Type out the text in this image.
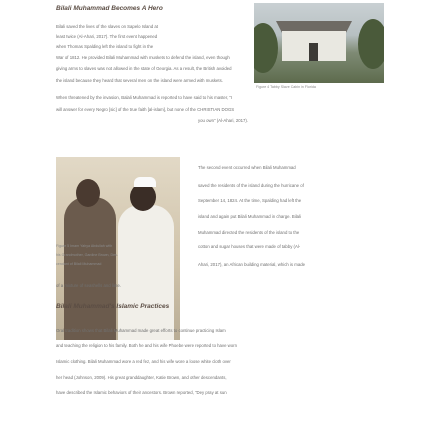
Bilali Muhammad Becomes A Hero
Bilali saved the lives of the slaves on Sapelo Island at
least twice (Al-Ahari, 2017). The first event happened
when Thomas Spalding left the island to fight in the
Figure 4 Tabby Slave Cabin in Florida
War of 1812. He provided Bilali Muhammad with muskets to defend the island, even though
giving arms to slaves was not allowed in the state of Georgia. As a result, the British avoided
the island because they heard that several men on the island were armed with muskets.
When threatened by the invasion, Balali Muhammad is reported to have said to his master, "I
will answer for every Negro [sic] of the true faith [al-islam], but none of the CHRISTIAN DOGS
you own" (Al-Ahari, 2017).
The second event occurred when Bilali Muhammad
saved the residents of the island during the hurricane of
September 14, 1824. At the time, Spalding had left the
island and again put Bilali Muhammad in charge. Bilali
Muhammad directed the residents of the island to the
cotton and sugar houses that were made of tabby (Al-
Ahari, 2017), an African building material, which is made
Figure 5 Imam Yahya Abdullah with
his Grandmother, Gardine Brown, Des-
cendant of Bilali Muhammad
of a mixture of seashells and lime.
Bilali Muhammad's Islamic Practices
Oral tradition shows that Bilali Muhammad made great efforts to continue practicing Islam
and teaching the religion to his family. Both he and his wife Phoebe were reported to have worn
Islamic clothing. Bilali Muhammad wore a red fez, and his wife wore a loose white cloth over
her head (Johnson, 2009). His great granddaughter, Katie Brown, and other descendants,
have described the Islamic behaviors of their ancestors. Brown reported, "Dey pray at sun
